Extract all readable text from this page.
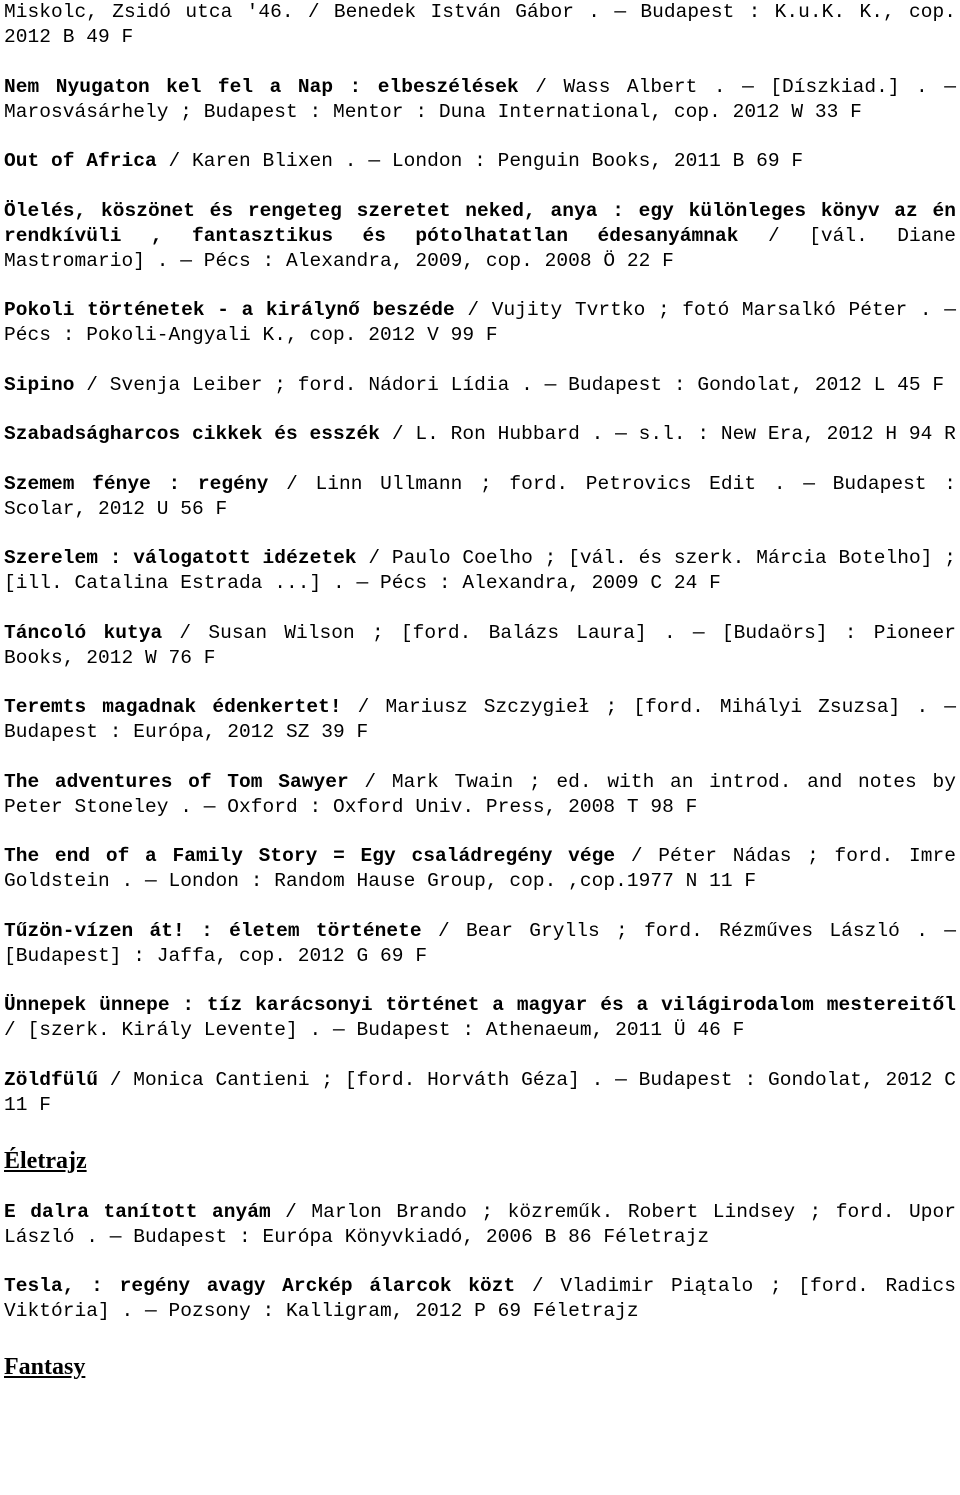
Miskolc, Zsidó utca '46. / Benedek István Gábor . — Budapest : K.u.K. K., cop. 2012 B 49 F
Nem Nyugaton kel fel a Nap : elbeszélések / Wass Albert . — [Díszkiad.] . — Marosvásárhely ; Budapest : Mentor : Duna International, cop. 2012 W 33 F
Out of Africa / Karen Blixen . — London : Penguin Books, 2011 B 69 F
Ölelés, köszönet és rengeteg szeretet neked, anya : egy különleges könyv az én rendkívüli , fantasztikus és pótolhatatlan édesanyámnak / [vál. Diane Mastromario] . — Pécs : Alexandra, 2009, cop. 2008 Ö 22 F
Pokoli történetek - a királynő beszéde / Vujity Tvrtko ; fotó Marsalkó Péter . — Pécs : Pokoli-Angyali K., cop. 2012 V 99 F
Sipino / Svenja Leiber ; ford. Nádori Lídia . — Budapest : Gondolat, 2012 L 45 F
Szabadságharcos cikkek és esszék / L. Ron Hubbard . — s.l. : New Era, 2012 H 94 R
Szemem fénye : regény / Linn Ullmann ; ford. Petrovics Edit . — Budapest : Scolar, 2012 U 56 F
Szerelem : válogatott idézetek / Paulo Coelho ; [vál. és szerk. Márcia Botelho] ; [ill. Catalina Estrada ...] . — Pécs : Alexandra, 2009 C 24 F
Táncoló kutya / Susan Wilson ; [ford. Balázs Laura] . — [Budaörs] : Pioneer Books, 2012 W 76 F
Teremts magadnak édenkertet! / Mariusz Szczygieł ; [ford. Mihályi Zsuzsa] . — Budapest : Európa, 2012 SZ 39 F
The adventures of Tom Sawyer / Mark Twain ; ed. with an introd. and notes by Peter Stoneley . — Oxford : Oxford Univ. Press, 2008 T 98 F
The end of a Family Story = Egy családregény vége / Péter Nádas ; ford. Imre Goldstein . — London : Random Hause Group, cop. ,cop.1977 N 11 F
Tűzön-vízen át! : életem története / Bear Grylls ; ford. Rézműves László . — [Budapest] : Jaffa, cop. 2012 G 69 F
Ünnepek ünnepe : tíz karácsonyi történet a magyar és a világirodalom mestereitől / [szerk. Király Levente] . — Budapest : Athenaeum, 2011 Ü 46 F
Zöldfülű / Monica Cantieni ; [ford. Horváth Géza] . — Budapest : Gondolat, 2012 C 11 F
Életrajz
E dalra tanított anyám / Marlon Brando ; közreműk. Robert Lindsey ; ford. Upor László . — Budapest : Európa Könyvkiadó, 2006 B 86 Féletrajz
Tesla, : regény avagy Arckép álarcok közt / Vladimir Piątalo ; [ford. Radics Viktória] . — Pozsony : Kalligram, 2012 P 69 Féletrajz
Fantasy
